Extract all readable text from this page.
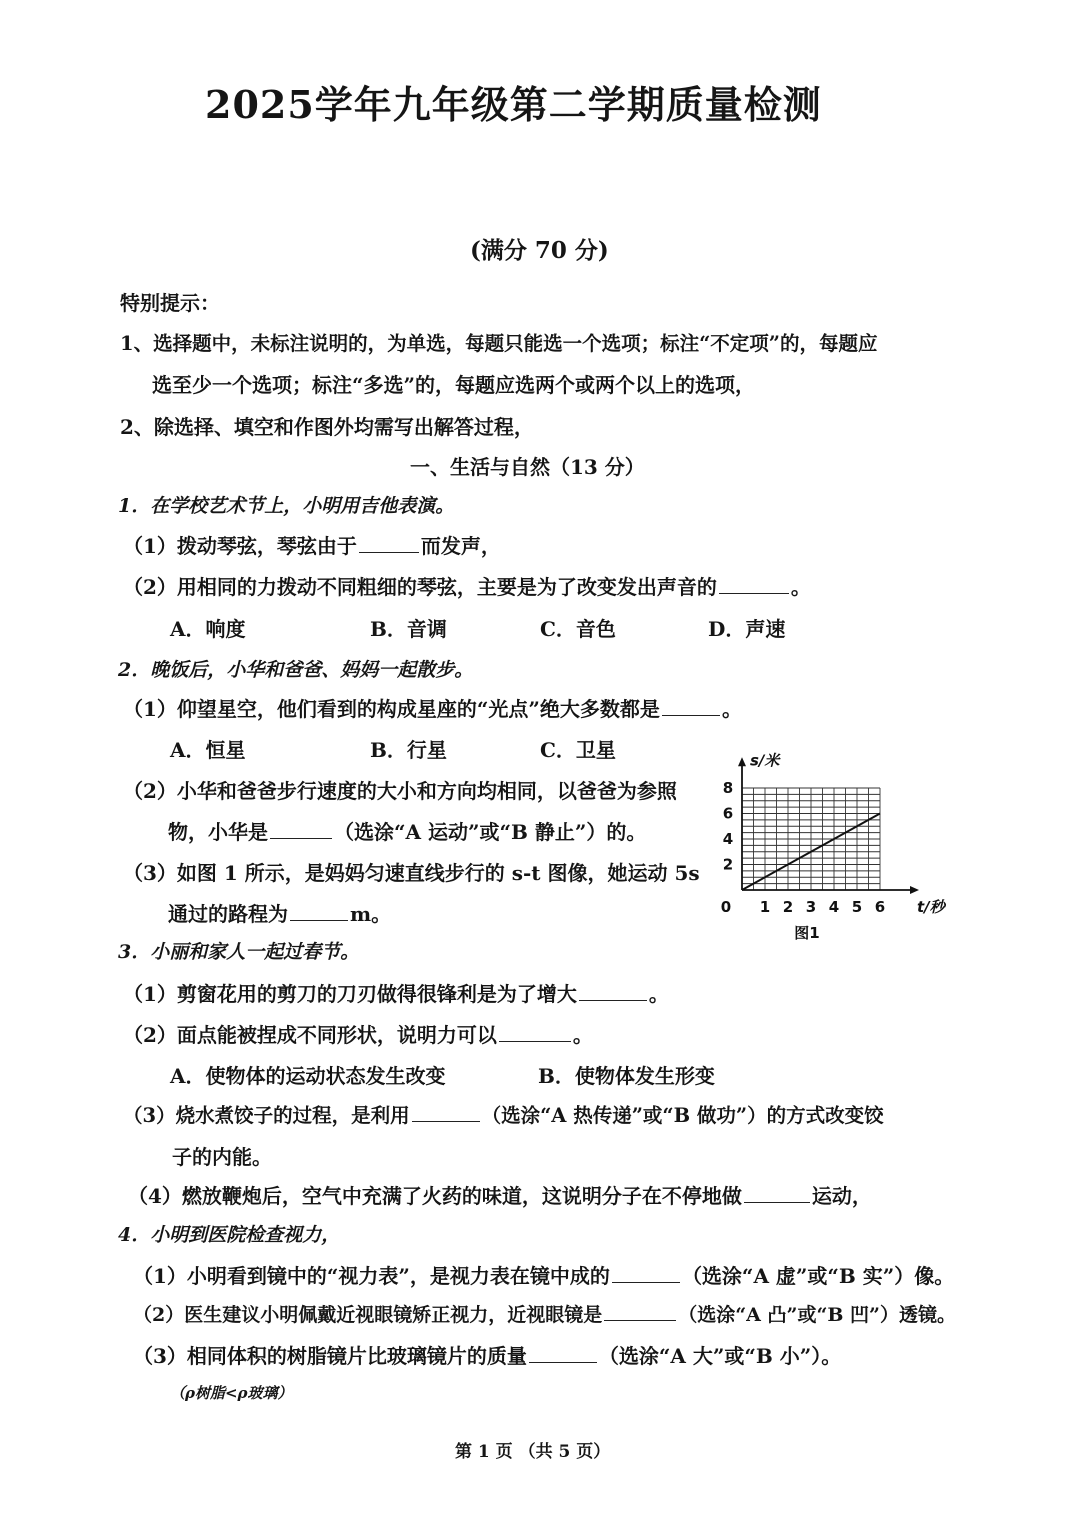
2025学年九年级第二学期质量检测
(满分 70 分)
特别提示：
1、选择题中，未标注说明的，为单选，每题只能选一个选项；标注“不定项”的，每题应
选至少一个选项；标注“多选”的，每题应选两个或两个以上的选项，
2、除选择、填空和作图外均需写出解答过程，
一、生活与自然（13 分）
1．在学校艺术节上，小明用吉他表演。
（1）拨动琴弦，琴弦由于	而发声，
（2）用相同的力拨动不同粗细的琴弦，主要是为了改变发出声音的	。
A．响度	B．音调	C．音色	D．声速
2．晚饭后，小华和爸爸、妈妈一起散步。
（1）仰望星空，他们看到的构成星座的“光点”绝大多数都是	。
A．恒星	B．行星	C．卫星
（2）小华和爸爸步行速度的大小和方向均相同，以爸爸为参照
物，小华是	（选涂“A 运动”或“B 静止”）的。
（3）如图 1 所示，是妈妈匀速直线步行的 s-t 图像，她运动 5s
通过的路程为	m。	0 1 2 3 4 5 6
2
4
6
8
t/秒
s/米
图1
3．小丽和家人一起过春节。
（1）剪窗花用的剪刀的刀刃做得很锋利是为了增大	。
（2）面点能被捏成不同形状，说明力可以	。
A．使物体的运动状态发生改变	B．使物体发生形变
（3）烧水煮饺子的过程，是利用	（选涂“A 热传递”或“B 做功”）的方式改变饺
子的内能。
（4）燃放鞭炮后，空气中充满了火药的味道，这说明分子在不停地做	运动，
4．小明到医院检查视力，
（1）小明看到镜中的“视力表”，是视力表在镜中成的	（选涂“A 虚”或“B 实”）像。
（2）医生建议小明佩戴近视眼镜矫正视力，近视眼镜是	（选涂“A 凸”或“B 凹”）透镜。
（3）相同体积的树脂镜片比玻璃镜片的质量	（选涂“A 大”或“B 小”）。
（ρ树脂<ρ玻璃）
第 1 页 （共 5 页）
